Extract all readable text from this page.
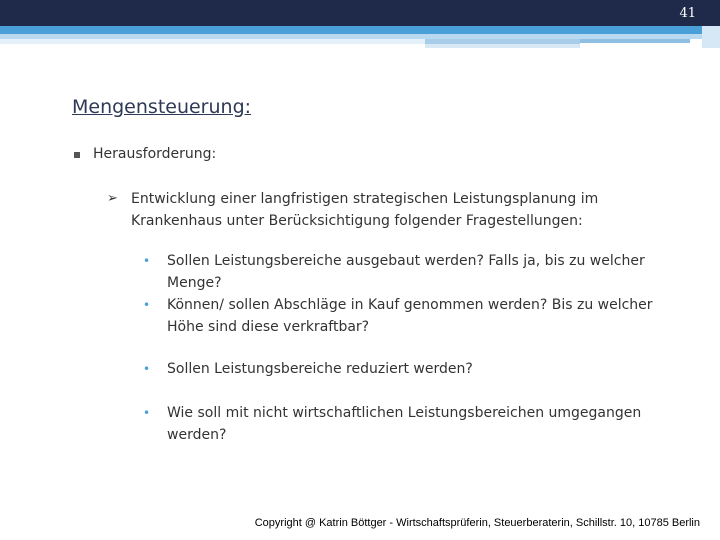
41
Mengensteuerung:
Herausforderung:
➢ Entwicklung einer langfristigen strategischen Leistungsplanung im Krankenhaus unter Berücksichtigung folgender Fragestellungen:
•	Sollen Leistungsbereiche ausgebaut werden? Falls ja, bis zu welcher Menge?
•	Können/ sollen Abschläge in Kauf genommen werden? Bis zu welcher Höhe sind diese verkraftbar?
•	Sollen Leistungsbereiche reduziert werden?
•	Wie soll mit nicht wirtschaftlichen Leistungsbereichen umgegangen werden?
Copyright @ Katrin Böttger - Wirtschaftsprüferin, Steuerberaterin, Schillstr. 10, 10785 Berlin
